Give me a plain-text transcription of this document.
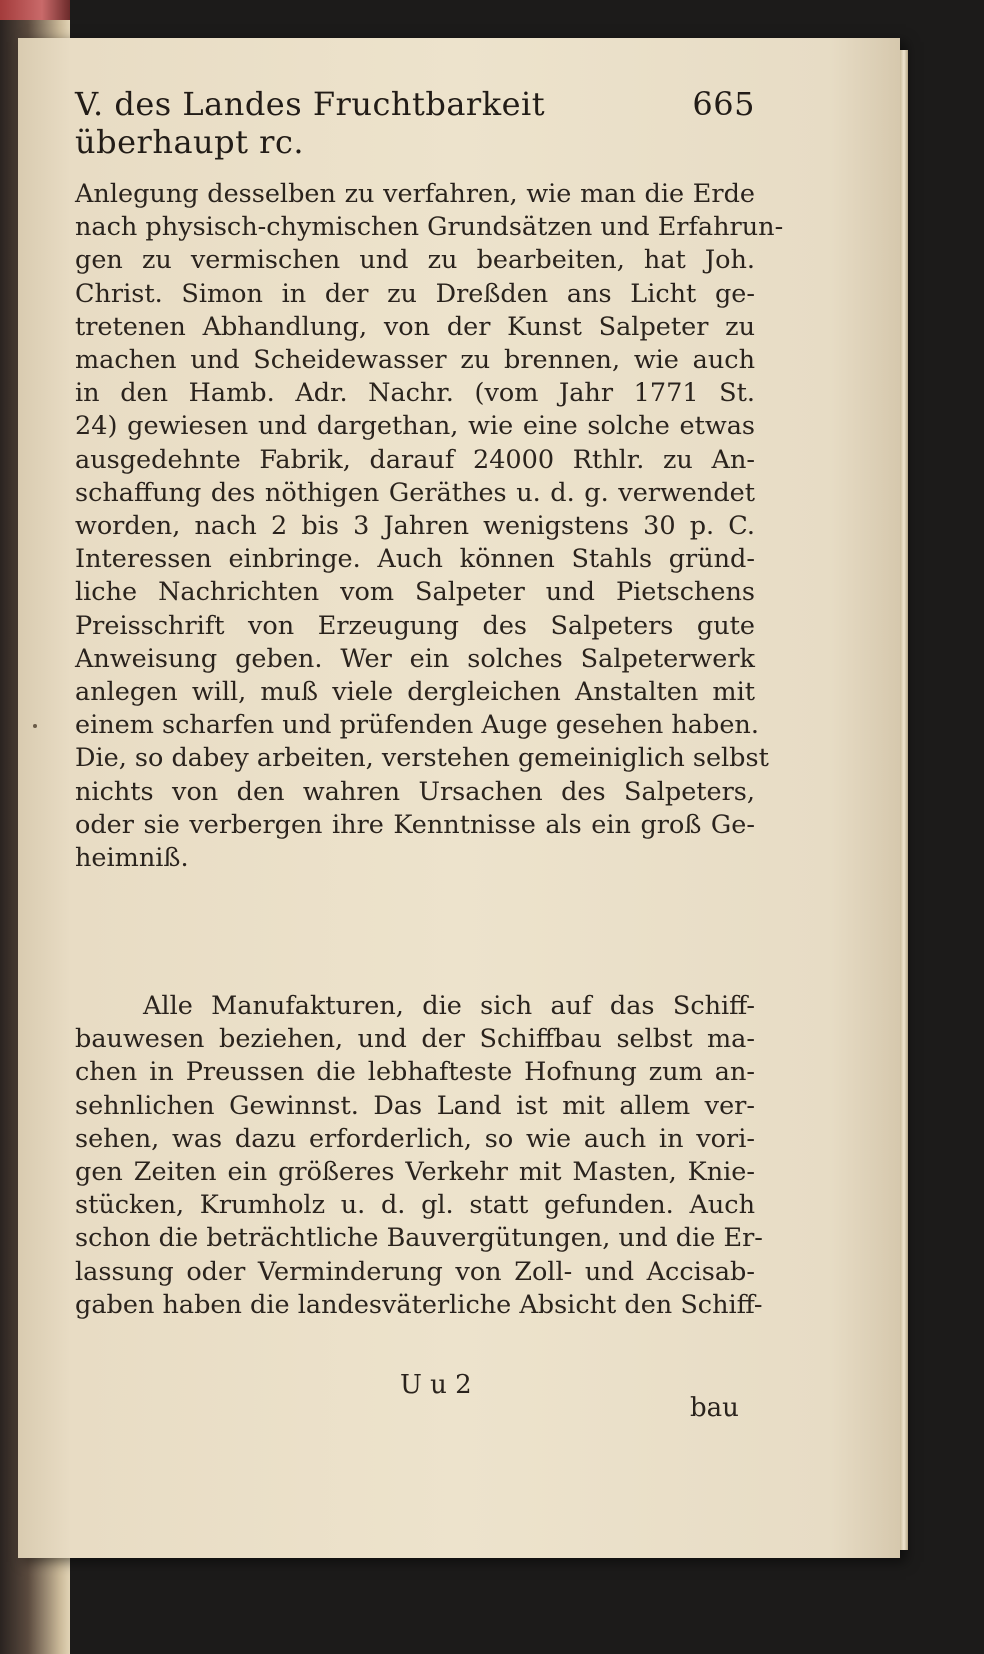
V. des Landes Fruchtbarkeit überhaupt rc.
665
Anlegung desselben zu verfahren, wie man die Erde
nach physisch-chymischen Grundsätzen und Erfahrun-
gen zu vermischen und zu bearbeiten, hat Joh.
Christ. Simon in der zu Dreßden ans Licht ge-
tretenen Abhandlung, von der Kunst Salpeter zu
machen und Scheidewasser zu brennen, wie auch
in den Hamb. Adr. Nachr. (vom Jahr 1771 St.
24) gewiesen und dargethan, wie eine solche etwas
ausgedehnte Fabrik, darauf 24000 Rthlr. zu An-
schaffung des nöthigen Geräthes u. d. g. verwendet
worden, nach 2 bis 3 Jahren wenigstens 30 p. C.
Interessen einbringe. Auch können Stahls gründ-
liche Nachrichten vom Salpeter und Pietschens
Preisschrift von Erzeugung des Salpeters gute
Anweisung geben. Wer ein solches Salpeterwerk
anlegen will, muß viele dergleichen Anstalten mit
einem scharfen und prüfenden Auge gesehen haben.
Die, so dabey arbeiten, verstehen gemeiniglich selbst
nichts von den wahren Ursachen des Salpeters,
oder sie verbergen ihre Kenntnisse als ein groß Ge-
heimniß.
Alle Manufakturen, die sich auf das Schiff-
bauwesen beziehen, und der Schiffbau selbst ma-
chen in Preussen die lebhafteste Hofnung zum an-
sehnlichen Gewinnst. Das Land ist mit allem ver-
sehen, was dazu erforderlich, so wie auch in vori-
gen Zeiten ein größeres Verkehr mit Masten, Knie-
stücken, Krumholz u. d. gl. statt gefunden. Auch
schon die beträchtliche Bauvergütungen, und die Er-
lassung oder Verminderung von Zoll- und Accisab-
gaben haben die landesväterliche Absicht den Schiff-
U u 2
bau
